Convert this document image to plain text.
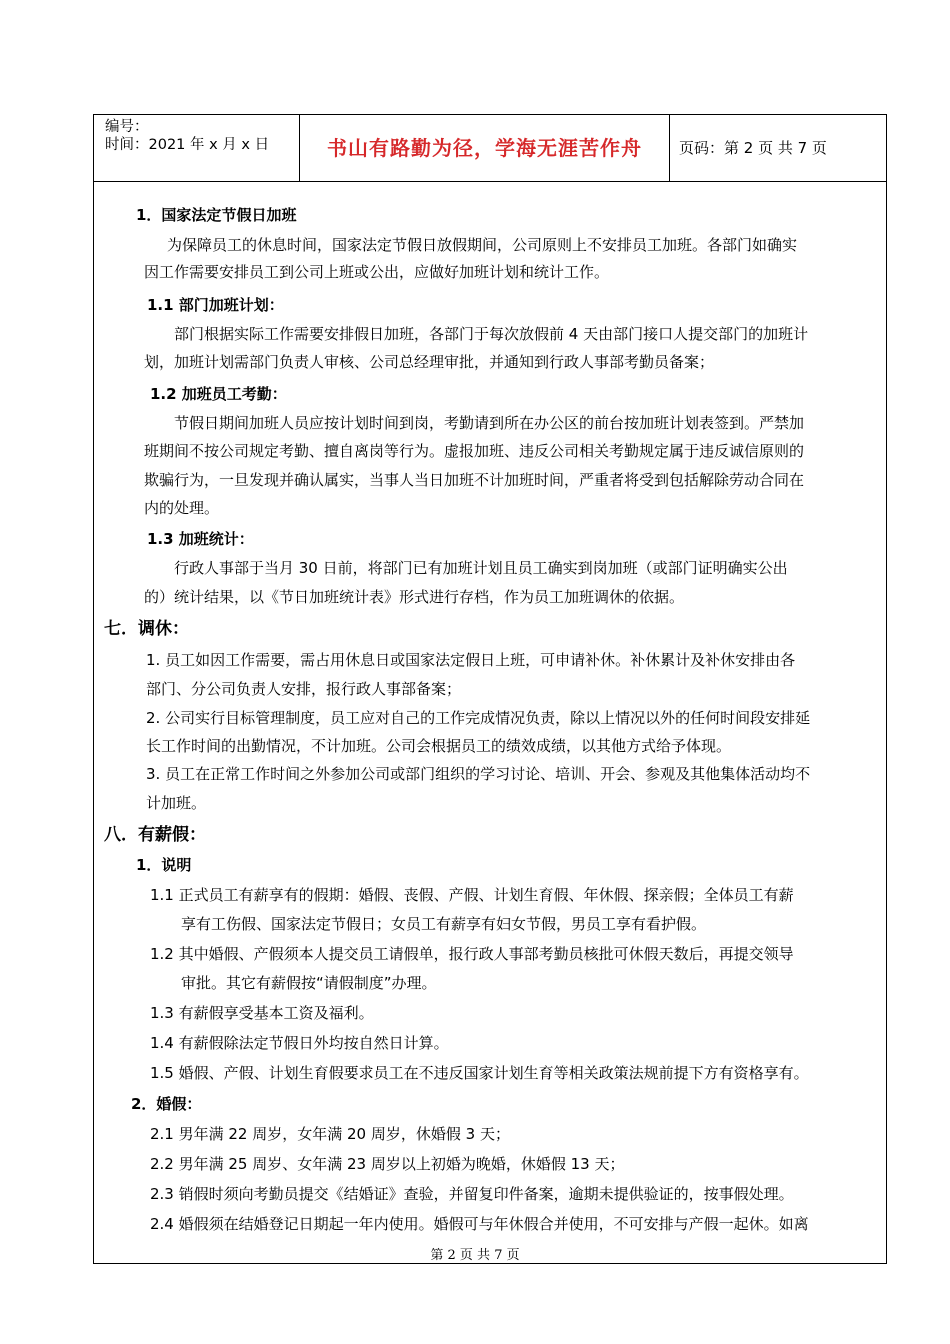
编号：
时间：2021 年 x 月 x 日	书山有路勤为径，学海无涯苦作舟	页码：第 2 页 共 7 页
1．国家法定节假日加班
为保障员工的休息时间，国家法定节假日放假期间，公司原则上不安排员工加班。各部门如确实
因工作需要安排员工到公司上班或公出，应做好加班计划和统计工作。
1.1 部门加班计划：
部门根据实际工作需要安排假日加班，各部门于每次放假前 4 天由部门接口人提交部门的加班计
划，加班计划需部门负责人审核、公司总经理审批，并通知到行政人事部考勤员备案；
1.2 加班员工考勤：
节假日期间加班人员应按计划时间到岗，考勤请到所在办公区的前台按加班计划表签到。严禁加
班期间不按公司规定考勤、擅自离岗等行为。虚报加班、违反公司相关考勤规定属于违反诚信原则的
欺骗行为，一旦发现并确认属实，当事人当日加班不计加班时间，严重者将受到包括解除劳动合同在
内的处理。
1.3 加班统计：
行政人事部于当月 30 日前，将部门已有加班计划且员工确实到岗加班（或部门证明确实公出
的）统计结果，以《节日加班统计表》形式进行存档，作为员工加班调休的依据。
七．调休：
1. 员工如因工作需要，需占用休息日或国家法定假日上班，可申请补休。补休累计及补休安排由各
部门、分公司负责人安排，报行政人事部备案；
2. 公司实行目标管理制度，员工应对自己的工作完成情况负责，除以上情况以外的任何时间段安排延
长工作时间的出勤情况，不计加班。公司会根据员工的绩效成绩，以其他方式给予体现。
3. 员工在正常工作时间之外参加公司或部门组织的学习讨论、培训、开会、参观及其他集体活动均不
计加班。
八．有薪假：
1．说明
1.1 正式员工有薪享有的假期：婚假、丧假、产假、计划生育假、年休假、探亲假；全体员工有薪
享有工伤假、国家法定节假日；女员工有薪享有妇女节假，男员工享有看护假。
1.2 其中婚假、产假须本人提交员工请假单，报行政人事部考勤员核批可休假天数后，再提交领导
审批。其它有薪假按“请假制度”办理。
1.3 有薪假享受基本工资及福利。
1.4 有薪假除法定节假日外均按自然日计算。
1.5 婚假、产假、计划生育假要求员工在不违反国家计划生育等相关政策法规前提下方有资格享有。
2．婚假：
2.1 男年满 22 周岁，女年满 20 周岁，休婚假 3 天；
2.2 男年满 25 周岁、女年满 23 周岁以上初婚为晚婚，休婚假 13 天；
2.3 销假时须向考勤员提交《结婚证》查验，并留复印件备案，逾期未提供验证的，按事假处理。
2.4 婚假须在结婚登记日期起一年内使用。婚假可与年休假合并使用，不可安排与产假一起休。如离
第 2 页 共 7 页
